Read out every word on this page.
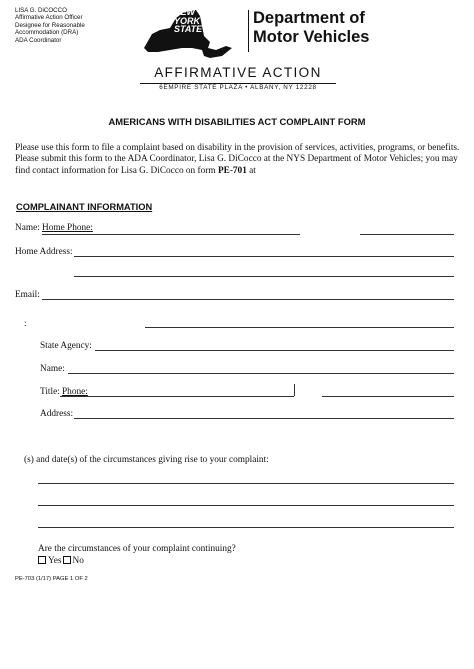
LISA G. DiCOCCO
Affirmative Action Officer
Designee for Reasonable
Accommodation (DRA)
ADA Coordinator
NEW
YORK
STATE
Department of
Motor Vehicles
AFFIRMATIVE ACTION
6EMPIRE STATE PLAZA • ALBANY, NY 12228
AMERICANS WITH DISABILITIES ACT COMPLAINT FORM
Please use this form to file a complaint based on disability in the provision of services, activities, programs, or benefits.
Please submit this form to the ADA Coordinator, Lisa G. DiCocco at the NYS Department of Motor Vehicles; you may
find contact information for Lisa G. DiCocco on form PE-701 at
COMPLAINANT INFORMATION
Name: Home Phone:
Home Address:
Email:
:
State Agency:
Name:
Title: Phone:
Address:
(s) and date(s) of the circumstances giving rise to your complaint:
Are the circumstances of your complaint continuing?
Yes No
PE-703 (1/17) PAGE 1 OF 2
